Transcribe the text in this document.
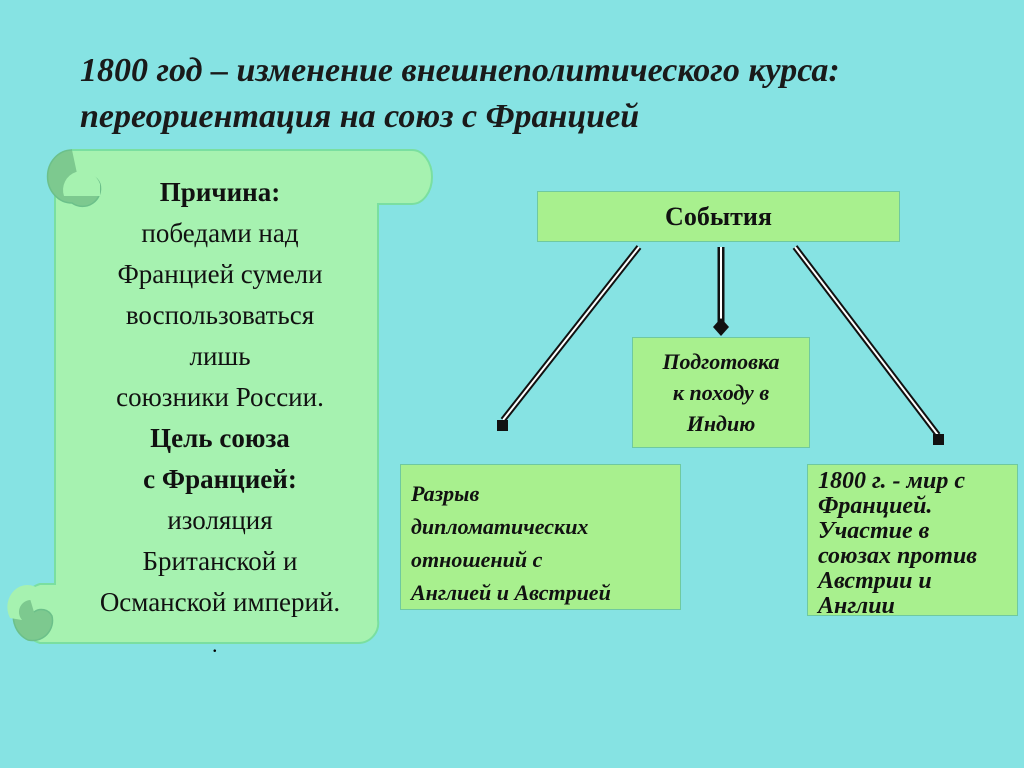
1800 год – изменение внешнеполитического курса:
переориентация на союз с Францией
Причина:
победами над
Францией сумели
воспользоваться
лишь
союзники России.
Цель союза
с Францией:
изоляция
Британской и
Османской империй.
.
События
Подготовка
к походу в
Индию
Разрыв
дипломатических
отношений с
Англией и Австрией
1800 г. - мир с
Францией.
Участие в
союзах против
Австрии и
Англии
